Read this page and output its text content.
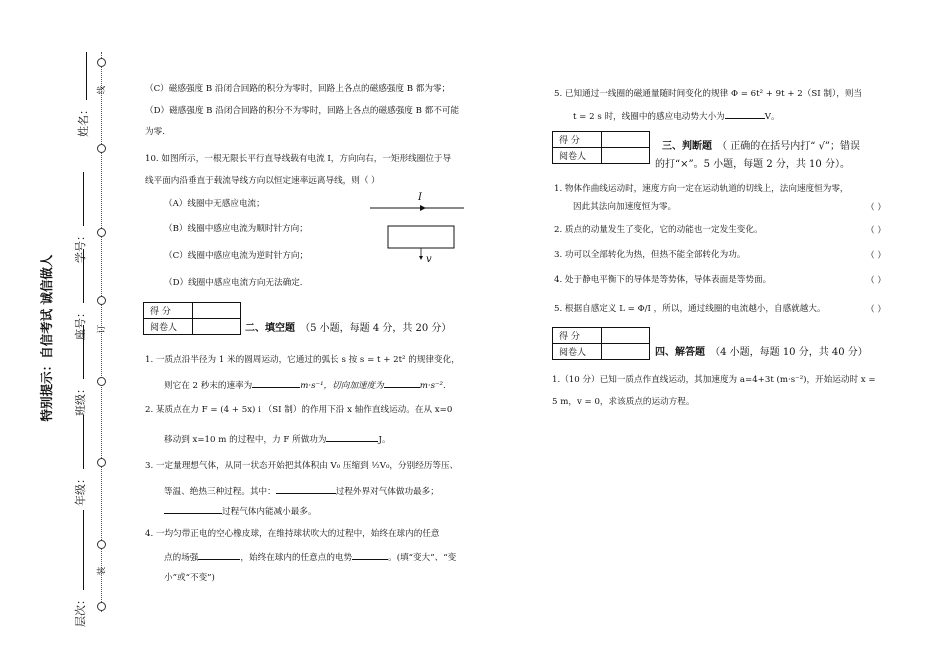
线
订
装
姓名：
学号：
座号：
班级：
年级：
层次：
特别提示：自信考试 诚信做人
（C）磁感强度 B 沿闭合回路的积分为零时，回路上各点的磁感强度 B 都为零；
（D）磁感强度 B 沿闭合回路的积分不为零时，回路上各点的磁感强度 B 都不可能
为零.
10. 如图所示，一根无限长平行直导线载有电流 I，方向向右，一矩形线圈位于导
线平面内沿垂直于载流导线方向以恒定速率远离导线，则（ ）
（A）线圈中无感应电流；
（B）线圈中感应电流为顺时针方向；
（C）线圈中感应电流为逆时针方向；
（D）线圈中感应电流方向无法确定.
I
v
得 分	
阅卷人		二、填空题 （5 小题，每题 4 分，共 20 分）
1. 一质点沿半径为 1 米的圆周运动，它通过的弧长 s 按 s = t + 2t² 的规律变化，
则它在 2 秒末的速率为	m·s⁻¹，切向加速度为	m·s⁻².
2. 某质点在力 F = (4 + 5x) i （SI 制）的作用下沿 x 轴作直线运动。在从 x=0
移动到 x=10 m 的过程中，力 F 所做功为	J。
3. 一定量理想气体，从同一状态开始把其体积由 V₀ 压缩到 ½V₀，分别经历等压、
等温、绝热三种过程。其中：	过程外界对气体做功最多；
过程气体内能减小最多。
4. 一均匀带正电的空心橡皮球，在维持球状吹大的过程中，始终在球内的任意
点的场强	，始终在球内的任意点的电势	。(填“变大”、“变
小”或“不变”)
5. 已知通过一线圈的磁通量随时间变化的规律 Φ = 6t² + 9t + 2（SI 制），则当
t = 2 s 时，线圈中的感应电动势大小为	V。
得 分	
阅卷人	
三、判断题 （ 正确的在括号内打“ √”；错误
的打“×”。5 小题，每题 2 分，共 10 分）。
1. 物体作曲线运动时，速度方向一定在运动轨道的切线上，法向速度恒为零，
因此其法向加速度恒为零。	（ ）
2. 质点的动量发生了变化，它的动能也一定发生变化。	（ ）
3. 功可以全部转化为热，但热不能全部转化为功。	（ ）
4. 处于静电平衡下的导体是等势体，导体表面是等势面。	（ ）
5. 根据自感定义 L = Φ/I ，所以，通过线圈的电流越小，自感就越大。	（ ）
得 分	
阅卷人		四、解答题 （4 小题，每题 10 分，共 40 分）
1.（10 分）已知一质点作直线运动，其加速度为 a=4+3t (m·s⁻²)，开始运动时 x =
5 m，v = 0，求该质点的运动方程。
